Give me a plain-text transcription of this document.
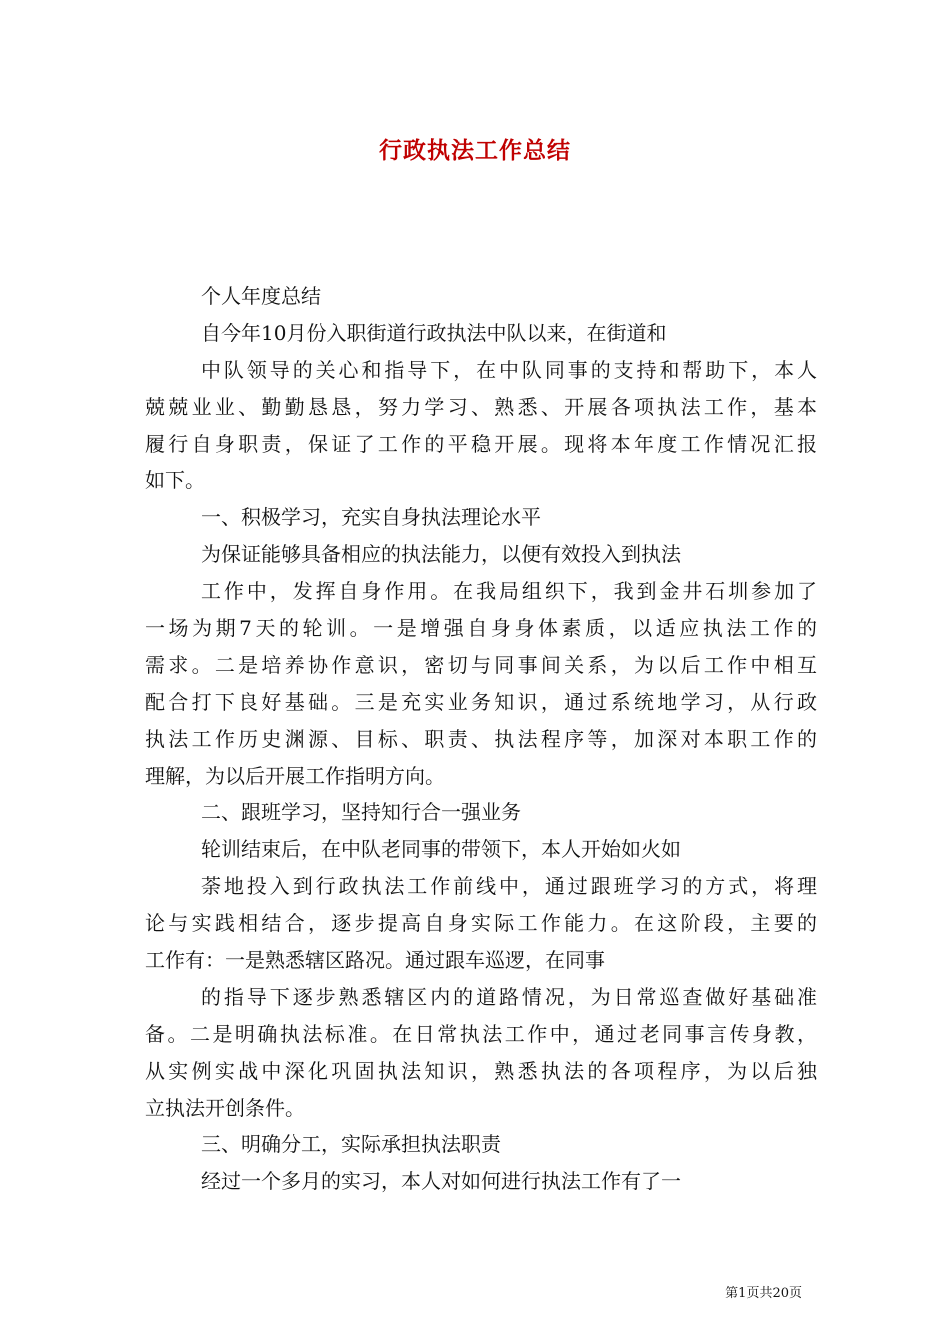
行政执法工作总结
个人年度总结
自今年10月份入职街道行政执法中队以来，在街道和
中队领导的关心和指导下，在中队同事的支持和帮助下，本人
兢兢业业、勤勤恳恳，努力学习、熟悉、开展各项执法工作，基本
履行自身职责，保证了工作的平稳开展。现将本年度工作情况汇报
如下。
一、积极学习，充实自身执法理论水平
为保证能够具备相应的执法能力，以便有效投入到执法
工作中，发挥自身作用。在我局组织下，我到金井石圳参加了
一场为期7天的轮训。一是增强自身身体素质，以适应执法工作的
需求。二是培养协作意识，密切与同事间关系，为以后工作中相互
配合打下良好基础。三是充实业务知识，通过系统地学习，从行政
执法工作历史渊源、目标、职责、执法程序等，加深对本职工作的
理解，为以后开展工作指明方向。
二、跟班学习，坚持知行合一强业务
轮训结束后，在中队老同事的带领下，本人开始如火如
荼地投入到行政执法工作前线中，通过跟班学习的方式，将理
论与实践相结合，逐步提高自身实际工作能力。在这阶段，主要的
工作有：一是熟悉辖区路况。通过跟车巡逻，在同事
的指导下逐步熟悉辖区内的道路情况，为日常巡查做好基础准
备。二是明确执法标准。在日常执法工作中，通过老同事言传身教，
从实例实战中深化巩固执法知识，熟悉执法的各项程序，为以后独
立执法开创条件。
三、明确分工，实际承担执法职责
经过一个多月的实习，本人对如何进行执法工作有了一
第1页共20页
